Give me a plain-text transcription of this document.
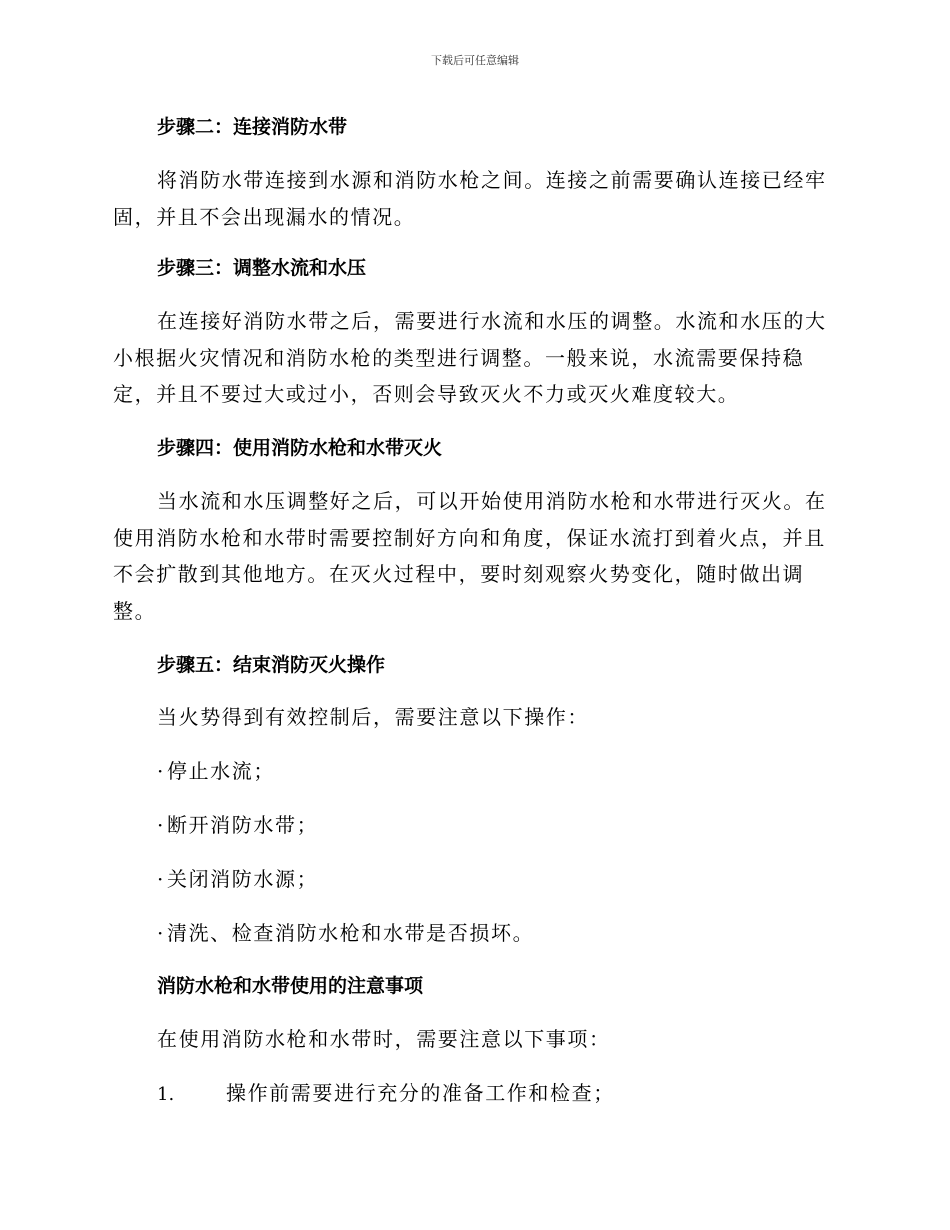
下载后可任意编辑
步骤二：连接消防水带
将消防水带连接到水源和消防水枪之间。连接之前需要确认连接已经牢固，并且不会出现漏水的情况。
步骤三：调整水流和水压
在连接好消防水带之后，需要进行水流和水压的调整。水流和水压的大小根据火灾情况和消防水枪的类型进行调整。一般来说，水流需要保持稳定，并且不要过大或过小，否则会导致灭火不力或灭火难度较大。
步骤四：使用消防水枪和水带灭火
当水流和水压调整好之后，可以开始使用消防水枪和水带进行灭火。在使用消防水枪和水带时需要控制好方向和角度，保证水流打到着火点，并且不会扩散到其他地方。在灭火过程中，要时刻观察火势变化，随时做出调整。
步骤五：结束消防灭火操作
当火势得到有效控制后，需要注意以下操作：
· 停止水流；
· 断开消防水带；
· 关闭消防水源；
· 清洗、检查消防水枪和水带是否损坏。
消防水枪和水带使用的注意事项
在使用消防水枪和水带时，需要注意以下事项：
1.	操作前需要进行充分的准备工作和检查；
